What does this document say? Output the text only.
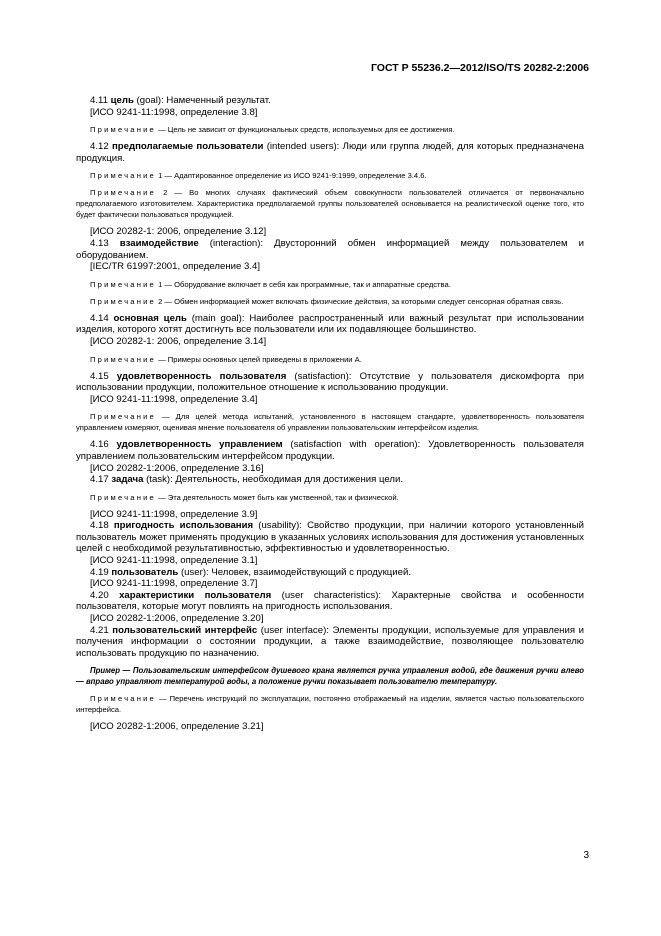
ГОСТ Р 55236.2—2012/ISO/TS 20282-2:2006

4.11 цель (goal): Намеченный результат.

[ИСО 9241-11:1998, определение 3.8]

Примечание — Цель не зависит от функциональных средств, используемых для ее достижения.

4.12 предполагаемые пользователи (intended users): Люди или группа людей, для которых предназначена продукция.

Примечание 1 — Адаптированное определение из ИСО 9241-9:1999, определение 3.4.6.

Примечание 2 — Во многих случаях фактический объем совокупности пользователей отличается от первоначально предполагаемого изготовителем. Характеристика предполагаемой группы пользователей основывается на реалистической оценке того, кто будет фактически пользоваться продукцией.

[ИСО 20282-1: 2006, определение 3.12]

4.13 взаимодействие (interaction): Двусторонний обмен информацией между пользователем и оборудованием.

[IEC/TR 61997:2001, определение 3.4]

Примечание 1 — Оборудование включает в себя как программные, так и аппаратные средства.

Примечание 2 — Обмен информацией может включать физические действия, за которыми следует сенсорная обратная связь.

4.14 основная цель (main goal): Наиболее распространенный или важный результат при использовании изделия, которого хотят достигнуть все пользователи или их подавляющее большинство.

[ИСО 20282-1: 2006, определение 3.14]

Примечание — Примеры основных целей приведены в приложении А.

4.15 удовлетворенность пользователя (satisfaction): Отсутствие у пользователя дискомфорта при использовании продукции, положительное отношение к использованию продукции.

[ИСО 9241-11:1998, определение 3.4]

Примечание — Для целей метода испытаний, установленного в настоящем стандарте, удовлетворенность пользователя управлением измеряют, оценивая мнение пользователя об управлении пользовательским интерфейсом изделия.

4.16 удовлетворенность управлением (satisfaction with operation): Удовлетворенность пользователя управлением пользовательским интерфейсом продукции.

[ИСО 20282-1:2006, определение 3.16]

4.17 задача (task): Деятельность, необходимая для достижения цели.

Примечание — Эта деятельность может быть как умственной, так и физической.

[ИСО 9241-11:1998, определение 3.9]

4.18 пригодность использования (usability): Свойство продукции, при наличии которого установленный пользователь может применять продукцию в указанных условиях использования для достижения установленных целей с необходимой результативностью, эффективностью и удовлетворенностью.

[ИСО 9241-11:1998, определение 3.1]

4.19 пользователь (user): Человек, взаимодействующий с продукцией.

[ИСО 9241-11:1998, определение 3.7]

4.20 характеристики пользователя (user characteristics): Характерные свойства и особенности пользователя, которые могут повлиять на пригодность использования.

[ИСО 20282-1:2006, определение 3.20]

4.21 пользовательский интерфейс (user interface): Элементы продукции, используемые для управления и получения информации о состоянии продукции, а также взаимодействие, позволяющее пользователю использовать продукцию по назначению.

Пример — Пользовательским интерфейсом душевого крана является ручка управления водой, где движения ручки влево — вправо управляют температурой воды, а положение ручки показывает пользователю температуру.

Примечание — Перечень инструкций по эксплуатации, постоянно отображаемый на изделии, является частью пользовательского интерфейса.

[ИСО 20282-1:2006, определение 3.21]

3
